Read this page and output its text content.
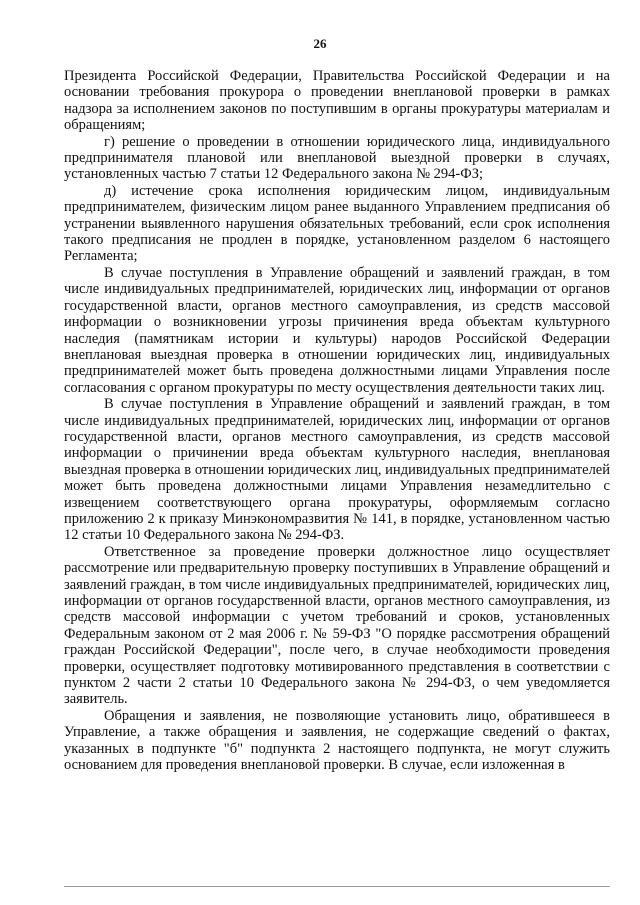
26

Президента Российской Федерации, Правительства Российской Федерации и на основании требования прокурора о проведении внеплановой проверки в рамках надзора за исполнением законов по поступившим в органы прокуратуры материалам и обращениям;

г) решение о проведении в отношении юридического лица, индивидуального предпринимателя плановой или внеплановой выездной проверки в случаях, установленных частью 7 статьи 12 Федерального закона № 294-ФЗ;

д) истечение срока исполнения юридическим лицом, индивидуальным предпринимателем, физическим лицом ранее выданного Управлением предписания об устранении выявленного нарушения обязательных требований, если срок исполнения такого предписания не продлен в порядке, установленном разделом 6 настоящего Регламента;

В случае поступления в Управление обращений и заявлений граждан, в том числе индивидуальных предпринимателей, юридических лиц, информации от органов государственной власти, органов местного самоуправления, из средств массовой информации о возникновении угрозы причинения вреда объектам культурного наследия (памятникам истории и культуры) народов Российской Федерации внеплановая выездная проверка в отношении юридических лиц, индивидуальных предпринимателей может быть проведена должностными лицами Управления после согласования с органом прокуратуры по месту осуществления деятельности таких лиц.

В случае поступления в Управление обращений и заявлений граждан, в том числе индивидуальных предпринимателей, юридических лиц, информации от органов государственной власти, органов местного самоуправления, из средств массовой информации о причинении вреда объектам культурного наследия, внеплановая выездная проверка в отношении юридических лиц, индивидуальных предпринимателей может быть проведена должностными лицами Управления незамедлительно с извещением соответствующего органа прокуратуры, оформляемым согласно приложению 2 к приказу Минэкономразвития № 141, в порядке, установленном частью 12 статьи 10 Федерального закона № 294-ФЗ.

Ответственное за проведение проверки должностное лицо осуществляет рассмотрение или предварительную проверку поступивших в Управление обращений и заявлений граждан, в том числе индивидуальных предпринимателей, юридических лиц, информации от органов государственной власти, органов местного самоуправления, из средств массовой информации с учетом требований и сроков, установленных Федеральным законом от 2 мая 2006 г. № 59-ФЗ "О порядке рассмотрения обращений граждан Российской Федерации", после чего, в случае необходимости проведения проверки, осуществляет подготовку мотивированного представления в соответствии с пунктом 2 части 2 статьи 10 Федерального закона № 294-ФЗ, о чем уведомляется заявитель.

Обращения и заявления, не позволяющие установить лицо, обратившееся в Управление, а также обращения и заявления, не содержащие сведений о фактах, указанных в подпункте "б" подпункта 2 настоящего подпункта, не могут служить основанием для проведения внеплановой проверки. В случае, если изложенная в
